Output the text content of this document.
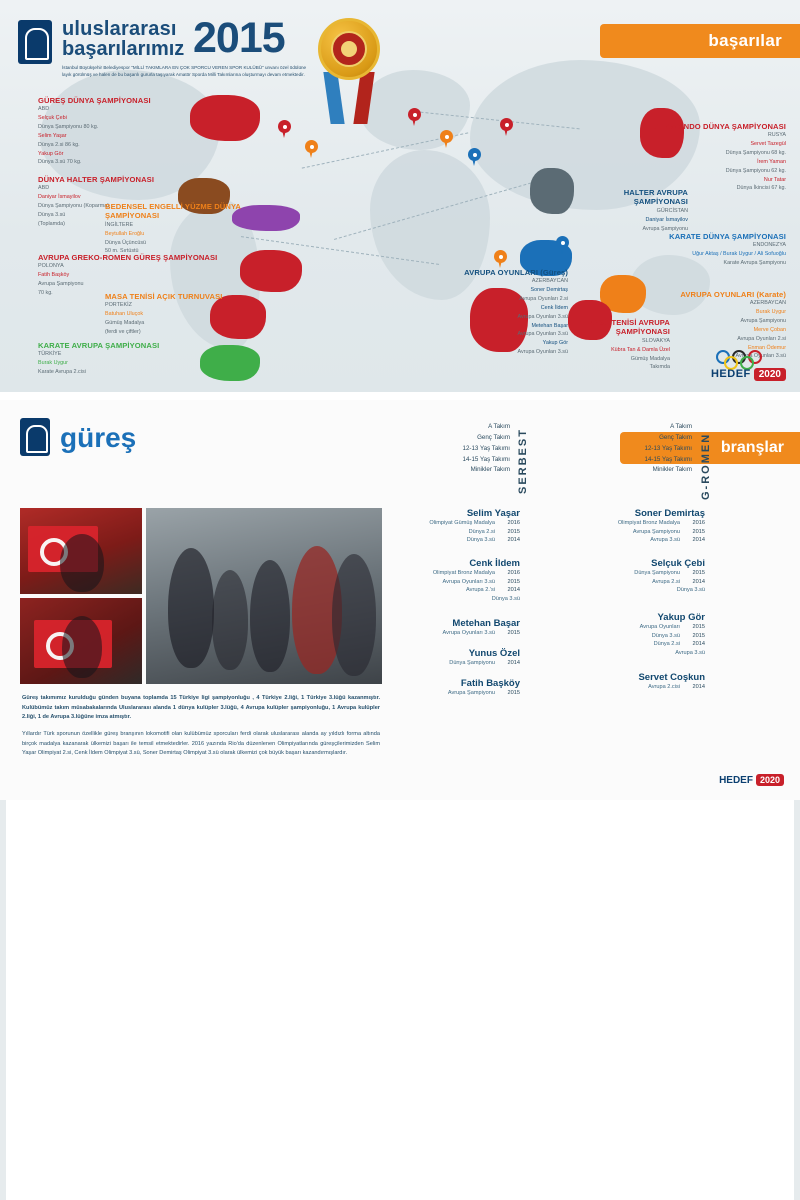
uluslararası
başarılarımız 2015
İstanbul Büyükşehir Belediyespor "MİLLİ TAKIMLARA EN ÇOK SPORCU VEREN SPOR KULÜBÜ" unvanı özel ödülüne layık görülmüş ve halen de bu başarılı gururla taşıyarak Amatör Sporda Milli Takımlarına oluşturmayı devam etmektedir.
başarılar
GÜREŞ DÜNYA ŞAMPİYONASI
ABD
Selçuk Çebi
Dünya Şampiyonu 80 kg.
Selim Yaşar
Dünya 2.si 86 kg.
Yakup Gör
Dünya 3.sü 70 kg.
DÜNYA HALTER ŞAMPİYONASI
ABD
Daniyar İsmayilov
Dünya Şampiyonu (Koparma)
Dünya 3.sü
(Toplamda)
BEDENSEL ENGELLİ YÜZME DÜNYA ŞAMPİYONASI
İNGİLTERE
Beytullah Eroğlu
Dünya Üçüncüsü
50 m. Sırtüstü
AVRUPA GREKO-ROMEN GÜREŞ ŞAMPİYONASI
POLONYA
Fatih Başköy
Avrupa Şampiyonu
70 kg.	MASA TENİSİ AÇIK TURNUVASI
PORTEKİZ
Batuhan Uluçok
Gümüş Madalya
(ferdi ve çiftler)
KARATE AVRUPA ŞAMPİYONASI
TÜRKİYE
Burak Uygur
Karate Avrupa 2.cisi
TAEKWONDO DÜNYA ŞAMPİYONASI
RUSYA
Servet Tazegül
Dünya Şampiyonu 68 kg.
İrem Yaman
Dünya Şampiyonu 62 kg.
Nur Tatar
Dünya İkincisi 67 kg.
HALTER AVRUPA ŞAMPİYONASI
GÜRCİSTAN
Daniyar İsmayilov
Avrupa Şampiyonu
KARATE DÜNYA ŞAMPİYONASI
ENDONEZYA
Uğur Aktaş / Burak Uygur / Ali Sofuoğlu
Karate Avrupa Şampiyonu
AVRUPA OYUNLARI (Karate)
AZERBAYCAN
Burak Uygur
Avrupa Şampiyonu
Merve Çoban
Avrupa Oyunları 2.si
Enman Ödemur
Avrupa Oyunları 3.sü
MASA TENİSİ AVRUPA ŞAMPİYONASI
SLOVAKYA
Kübra Tan & Damla Üzel
Gümüş Madalya
Takımda
AVRUPA OYUNLARI (Güreş)
AZERBAYCAN
Soner Demirtaş
Avrupa Oyunları 2.si
Cenk İldem
Avrupa Oyunları 3.sü
Metehan Başar
Avrupa Oyunları 3.sü
Yakup Gör
Avrupa Oyunları 3.sü
HEDEF 2020
güreş	branşlar
SERBEST
A Takım
Genç Takım
12-13 Yaş Takımı
14-15 Yaş Takımı
Minikler Takım	G-ROMEN
A Takım
Genç Takım
12-13 Yaş Takımı
14-15 Yaş Takımı
Minikler Takım
Selim Yaşar
Olimpiyat Gümüş Madalya 2016
Dünya 2.si 2015
Dünya 3.sü 2014
Cenk İldem
Olimpiyat Bronz Madalya 2016
Avrupa Oyunları 3.sü 2015
Avrupa 2.'si 2014
Dünya 3.sü
Metehan Başar
Avrupa Oyunları 3.sü 2015
Yunus Özel
Dünya Şampiyonu 2014
Fatih Başköy
Avrupa Şampiyonu 2015
Soner Demirtaş
Olimpiyat Bronz Madalya 2016
Avrupa Şampiyonu 2015
Avrupa 3.sü 2014
Selçuk Çebi
Dünya Şampiyonu 2015
Avrupa 2.si 2014
Dünya 3.sü
Yakup Gör
Avrupa Oyunları 2015
Dünya 3.sü 2015
Dünya 2.si 2014
Avrupa 3.sü
Servet Coşkun
Avrupa 2.cisi 2014
Güreş takımımız kurulduğu günden buyana toplamda 15 Türkiye ligi şampiyonluğu , 4 Türkiye 2.liği, 1 Türkiye 3.lüğü kazanmıştır. Kulübümüz takım müsabakalarında Uluslararası alanda 1 dünya kulüpler 3.lüğü, 4 Avrupa kulüpler şampiyonluğu, 1 Avrupa kulüpler 2.liği, 1 de Avrupa 3.lüğüne imza atmıştır.
Yıllardır Türk sporunun özellikle güreş branşının lokomotifi olan kulübümüz sporcuları ferdi olarak uluslararası alanda ay yıldızlı forma altında birçok madalya kazanarak ülkemizi başarı ile temsil etmektedirler. 2016 yazında Rio'da düzenlenen Olimpiyatlarında güreşçilerimizden Selim Yaşar Olimpiyat 2.si, Cenk İldem Olimpiyat 3.sü, Soner Demirtaş Olimpiyat 3.sü olarak ülkemizi çok büyük başarı kazandırmışlardır.
HEDEF 2020
